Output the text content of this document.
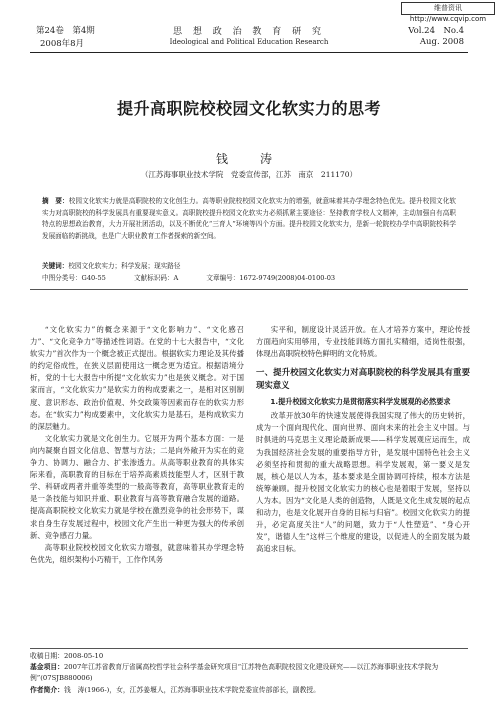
维普资讯 http://www.cqvip.com
第24卷　第4期
2008年8月
思 想 政 治 教 育 研 究
Ideological and Political Education Research
Vol.24　No.4
Aug. 2008
提升高职院校校园文化软实力的思考
钱　涛
（江苏海事职业技术学院　党委宣传部，江苏　南京　211170）
摘　要：校园文化软实力就是高职院校的文化创生力。高等职业院校校园文化软实力的增强，就意味着其办学理念特色优先。提升校园文化软实力对高职院校的科学发展具有重要现实意义。高职院校提升校园文化软实力必须抓紧主要途径：坚持教育学校人文精神，主动加强自有高职特点的思想政治教育，大力开展社团活动，以及不断优化“三育人”环境等四个方面。提升校园文化软实力，是新一轮院校办学中高职院校科学发展面临的新挑战，也是广大职业教育工作者探索的新空间。
关键词：校园文化软实力；科学发展；现实路径
中图分类号：G40-55	文献标识码：A	文章编号：1672-9749(2008)04-0100-03

“文化软实力”的概念来源于“文化影响力”、“文化感召力”、“文化竞争力”等描述性词语。在党的十七大报告中，“文化软实力”首次作为一个概念被正式提出。根据软实力理论及其传播的约定俗成性，在狭义层面使用这一概念更为适宜。根据语境分析，党的十七大报告中所提“文化软实力”也是狭义概念。对于国家而言，“文化软实力”是软实力的构成要素之一，是相对区别制度、意识形态、政治价值观、外交政策等因素而存在的软实力形态。在“软实力”构成要素中，文化软实力是基石，是构成软实力的深层魅力。

文化软实力就是文化创生力。它展开为两个基本方面：一是向内凝聚自固文化信息、智慧与方法；二是向外敞开为实在的竞争力、协调力、融合力、扩张渗透力。从高等职业教育的具体实际来看，高职教育的目标在于培养高素质技能型人才，区别于教学、科研或两者并重等类型的一般高等教育，高等职业教育走的是一条技能与知识并重、职业教育与高等教育融合发展的道路。提高高职院校文化软实力就是学校在激烈竞争的社会形势下，谋求自身生存发展过程中，校园文化产生出一种更为强大的传承创新、竞争感召力量。

高等职业院校校园文化软实力增强，就意味着其办学理念特色优先，组织架构小巧精干，工作作风务

实平和，制度设计灵活开放。在人才培养方案中，理论传授方面趋向实用够用，专业技能训练方面扎实精细，适岗性很强，体现出高职院校特色鲜明的文化特质。

一、提升校园文化软实力对高职院校的科学发展具有重要现实意义
1.提升校园文化软实力是贯彻落实科学发展观的必然要求

改革开放30年的快速发展使得我国实现了伟大的历史转折，成为一个面向现代化、面向世界、面向未来的社会主义中国。与时俱进的马克思主义理论最新成果——科学发展观应运而生，成为我国经济社会发展的重要指导方针，是发展中国特色社会主义必须坚持和贯彻的重大战略思想。科学发展观，第一要义是发展，核心是以人为本，基本要求是全面协调可持续，根本方法是统筹兼顾。提升校园文化软实力的核心也是着眼于发展，坚持以人为本。因为“文化是人类的创造物，人既是文化生成发展的起点和动力，也是文化展开自身的目标与归宿”。校园文化软实力的提升，必定高度关注“人”的问题，致力于“人性塑造”、“身心开发”，谐德人生”这样三个维度的建设，以促进人的全面发展为最高追求目标。

收稿日期：2008-05-10
基金项目：2007年江苏省教育厅省属高校哲学社会科学基金研究项目“江苏特色高职院校园文化建设研究——以江苏海事职业技术学院为例”(07SJB880006)
作者简介：钱　涛(1966-)，女，江苏姜堰人，江苏海事职业技术学院党委宣传部部长，副教授。
